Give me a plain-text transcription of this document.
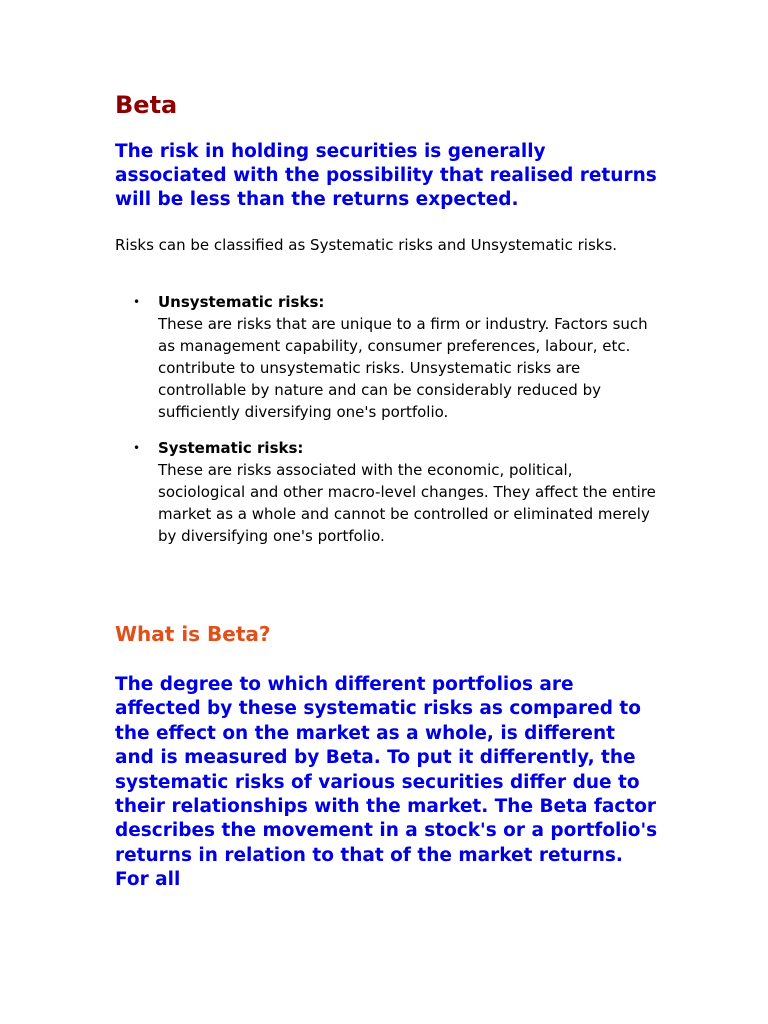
Beta

The risk in holding securities is generally associated with the possibility that realised returns will be less than the returns expected.

Risks can be classified as Systematic risks and Unsystematic risks.

• Unsystematic risks:
These are risks that are unique to a firm or industry. Factors such as management capability, consumer preferences, labour, etc. contribute to unsystematic risks. Unsystematic risks are controllable by nature and can be considerably reduced by sufficiently diversifying one's portfolio.
• Systematic risks:
These are risks associated with the economic, political, sociological and other macro-level changes. They affect the entire market as a whole and cannot be controlled or eliminated merely by diversifying one's portfolio.
What is Beta?

The degree to which different portfolios are affected by these systematic risks as compared to the effect on the market as a whole, is different and is measured by Beta. To put it differently, the systematic risks of various securities differ due to their relationships with the market. The Beta factor describes the movement in a stock's or a portfolio's returns in relation to that of the market returns. For all
